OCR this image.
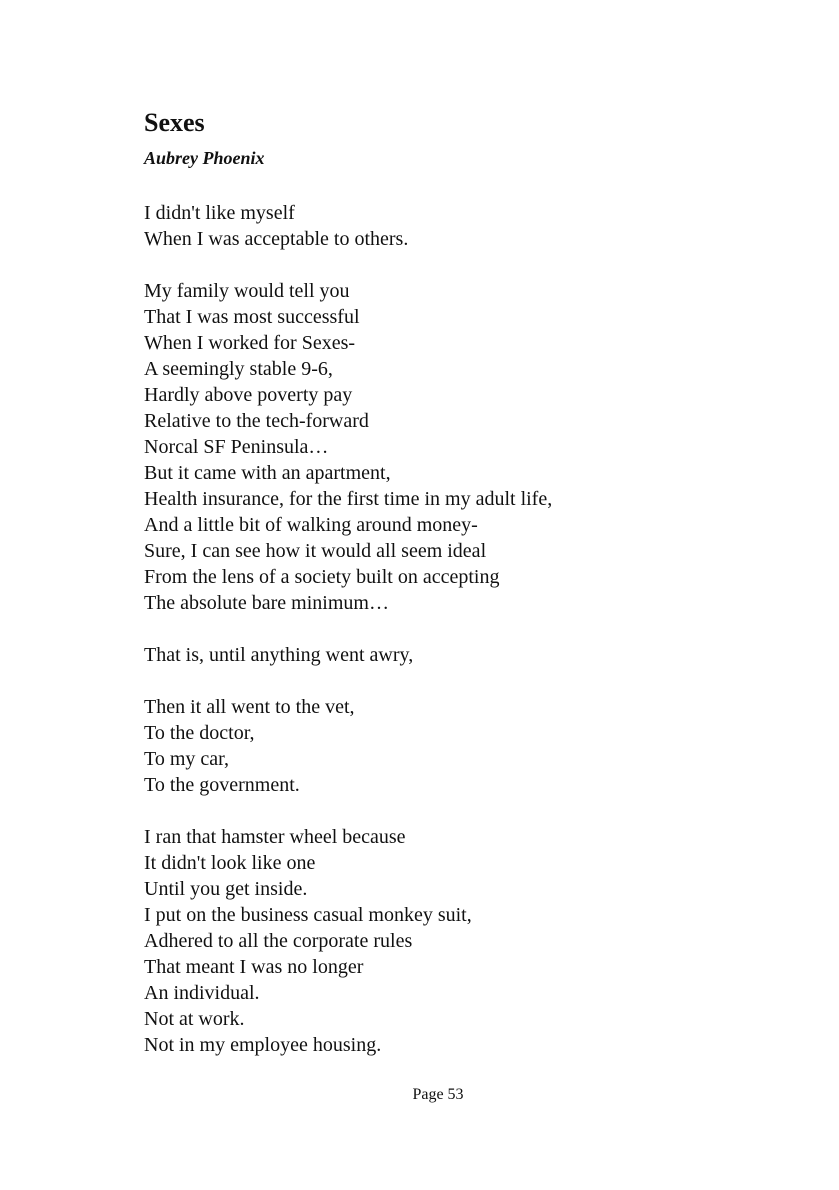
Sexes
Aubrey Phoenix
I didn't like myself
When I was acceptable to others.
My family would tell you
That I was most successful
When I worked for Sexes-
A seemingly stable 9-6,
Hardly above poverty pay
Relative to the tech-forward
Norcal SF Peninsula…
But it came with an apartment,
Health insurance, for the first time in my adult life,
And a little bit of walking around money-
Sure, I can see how it would all seem ideal
From the lens of a society built on accepting
The absolute bare minimum…
That is, until anything went awry,
Then it all went to the vet,
To the doctor,
To my car,
To the government.
I ran that hamster wheel because
It didn't look like one
Until you get inside.
I put on the business casual monkey suit,
Adhered to all the corporate rules
That meant I was no longer
An individual.
Not at work.
Not in my employee housing.
Page 53
